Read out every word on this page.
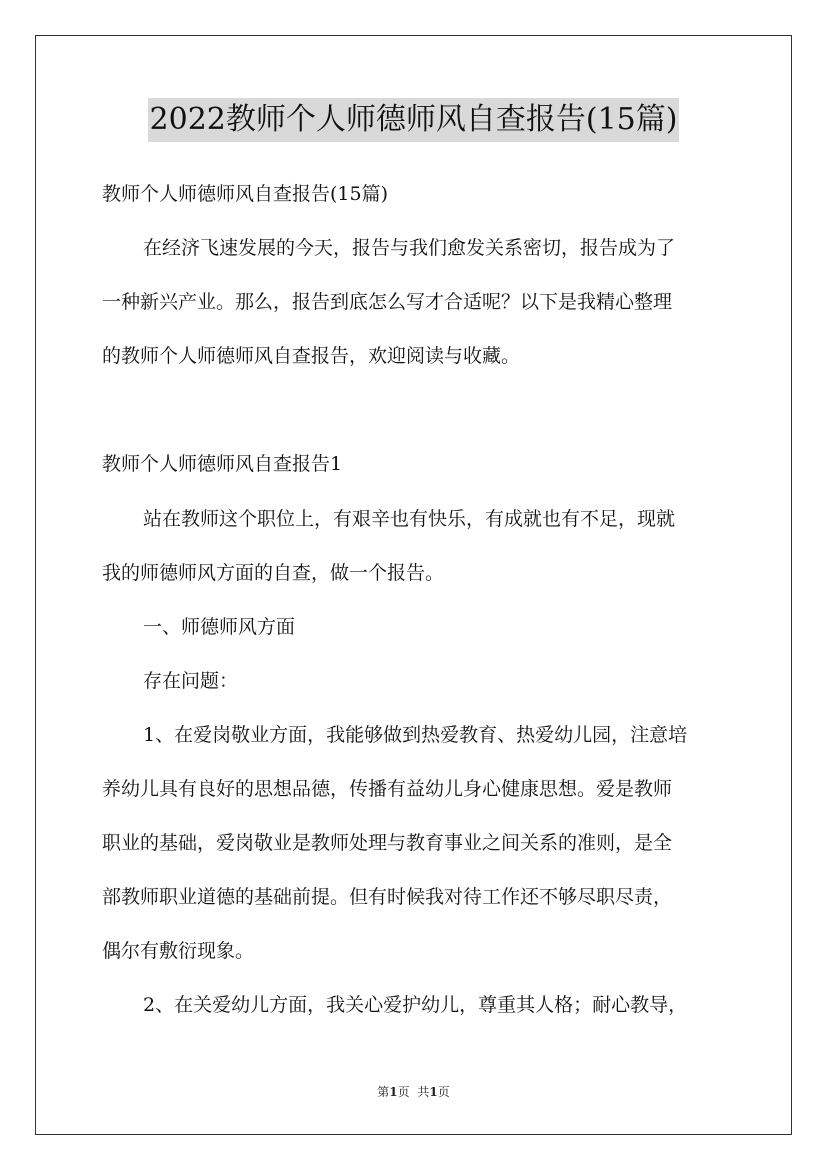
2022教师个人师德师风自查报告(15篇)
教师个人师德师风自查报告(15篇)
在经济飞速发展的今天，报告与我们愈发关系密切，报告成为了
一种新兴产业。那么，报告到底怎么写才合适呢？以下是我精心整理
的教师个人师德师风自查报告，欢迎阅读与收藏。
教师个人师德师风自查报告1
站在教师这个职位上，有艰辛也有快乐，有成就也有不足，现就
我的师德师风方面的自查，做一个报告。
一、师德师风方面
存在问题：
1、在爱岗敬业方面，我能够做到热爱教育、热爱幼儿园，注意培
养幼儿具有良好的思想品德，传播有益幼儿身心健康思想。爱是教师
职业的基础，爱岗敬业是教师处理与教育事业之间关系的准则，是全
部教师职业道德的基础前提。但有时候我对待工作还不够尽职尽责，
偶尔有敷衍现象。
2、在关爱幼儿方面，我关心爱护幼儿，尊重其人格；耐心教导，
第1页 共1页
